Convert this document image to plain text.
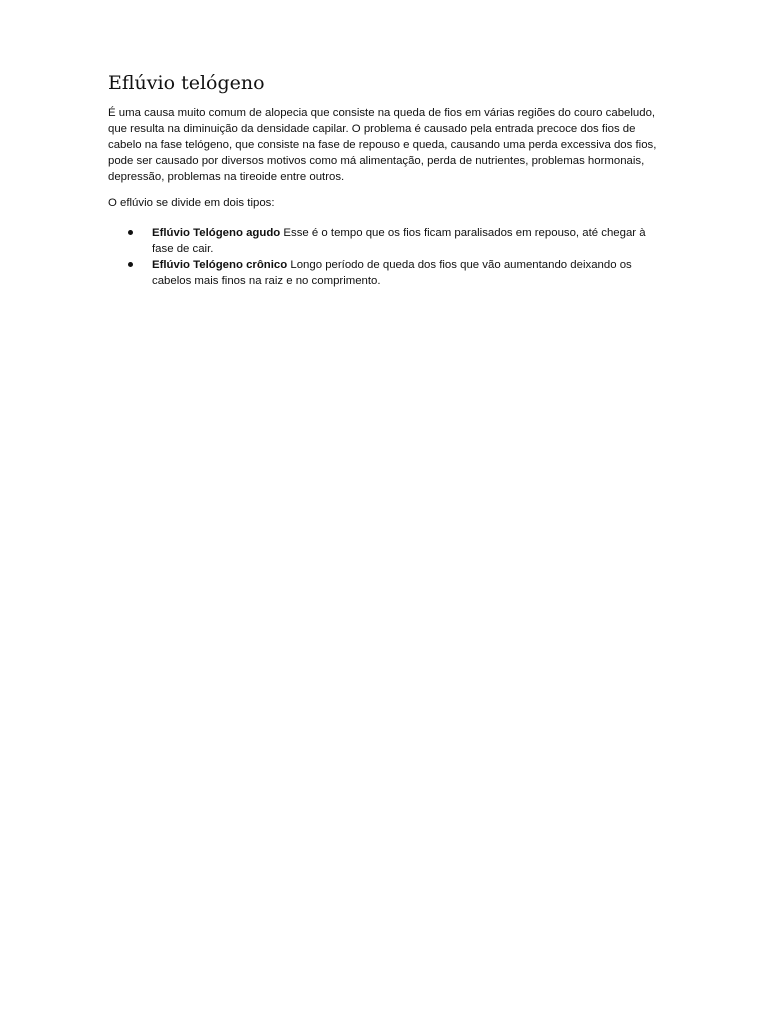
Eflúvio telógeno

É uma causa muito comum de alopecia que consiste na queda de fios em várias regiões do couro cabeludo, que resulta na diminuição da densidade capilar. O problema é causado pela entrada precoce dos fios de cabelo na fase telógeno, que consiste na fase de repouso e queda, causando uma perda excessiva dos fios, pode ser causado por diversos motivos como má alimentação, perda de nutrientes, problemas hormonais, depressão, problemas na tireoide entre outros.

O eflúvio se divide em dois tipos:

Eflúvio Telógeno agudo Esse é o tempo que os fios ficam paralisados em repouso, até chegar à fase de cair.
Eflúvio Telógeno crônico Longo período de queda dos fios que vão aumentando deixando os cabelos mais finos na raiz e no comprimento.
